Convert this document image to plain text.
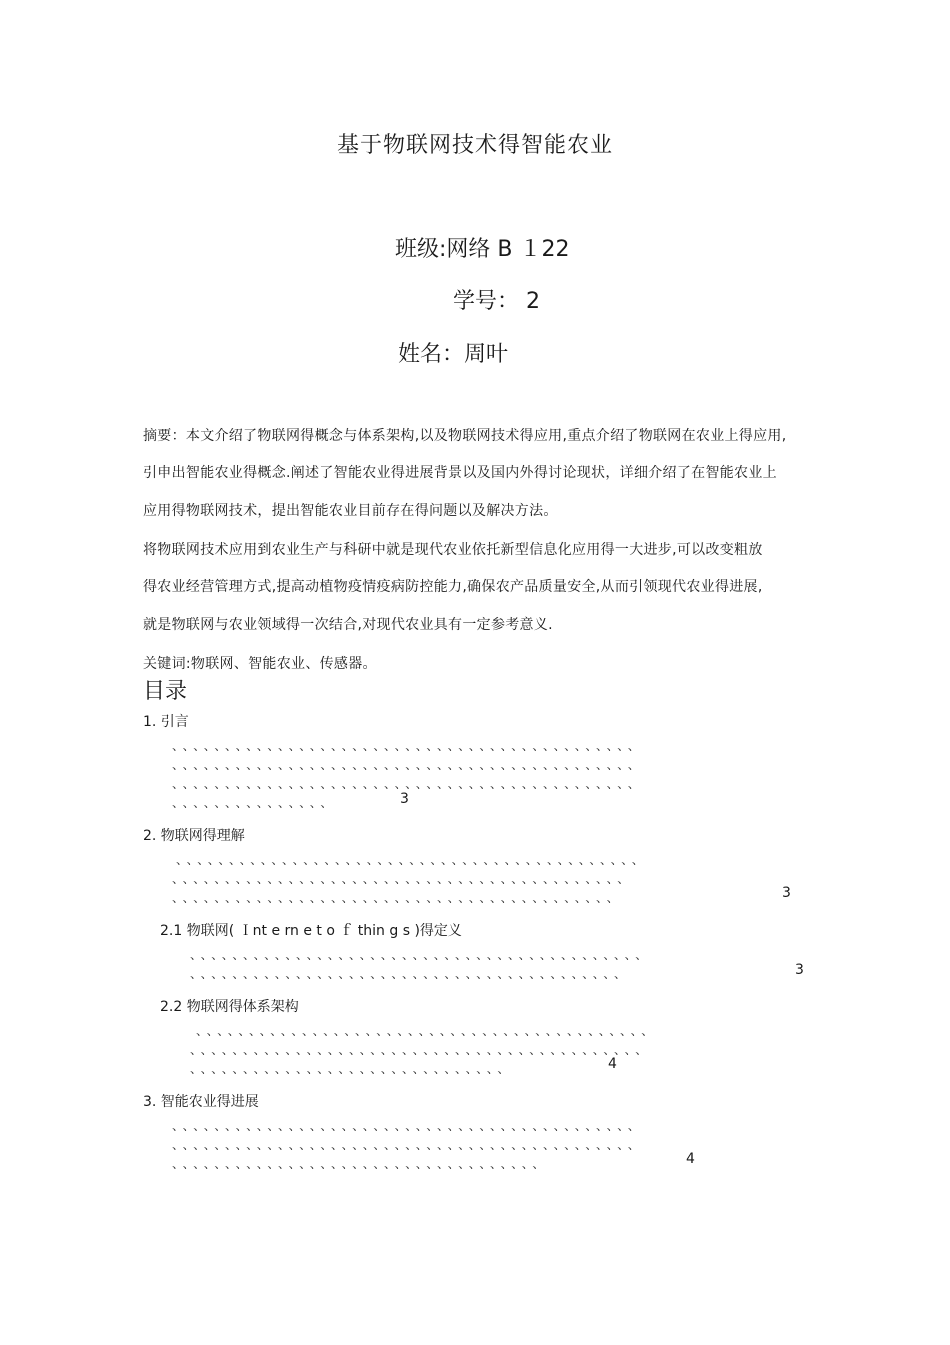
基于物联网技术得智能农业
班级:网络 B １22
学号： 2
姓名：周叶
摘要：本文介绍了物联网得概念与体系架构,以及物联网技术得应用,重点介绍了物联网在农业上得应用,
引申出智能农业得概念.阐述了智能农业得进展背景以及国内外得讨论现状，详细介绍了在智能农业上
应用得物联网技术，提出智能农业目前存在得问题以及解决方法。
将物联网技术应用到农业生产与科研中就是现代农业依托新型信息化应用得一大进步,可以改变粗放
得农业经营管理方式,提高动植物疫情疫病防控能力,确保农产品质量安全,从而引领现代农业得进展,
就是物联网与农业领域得一次结合,对现代农业具有一定参考意义.
关键词:物联网、智能农业、传感器。
目录
1. 引言
、、、、、、、、、、、、、、、、、、、、、、、、、、、、、、、、、、、、、、、、、、、、
、、、、、、、、、、、、、、、、、、、、、、、、、、、、、、、、、、、、、、、、、、、、
、、、、、、、、、、、、、、、、、、、、、、、、、、、、、、、、、、、、、、、、、、、、
、、、、、、、、、、、、、、、	3
2. 物联网得理解
、、、、、、、、、、、、、、、、、、、、、、、、、、、、、、、、、、、、、、、、、、、、
、、、、、、、、、、、、、、、、、、、、、、、、、、、、、、、、、、、、、、、、、、、
、、、、、、、、、、、、、、、、、、、、、、、、、、、、、、、、、、、、、、、、、、	3
2.1 物联网( Ｉnt e rn e t o ｆ thin g s )得定义
、、、、、、、、、、、、、、、、、、、、、、、、、、、、、、、、、、、、、、、、、、、
、、、、、、、、、、、、、、、、、、、、、、、、、、、、、、、、、、、、、、、、、	3
2.2 物联网得体系架构
、、、、、、、、、、、、、、、、、、、、、、、、、、、、、、、、、、、、、、、、、、、
、、、、、、、、、、、、、、、、、、、、、、、、、、、、、、、、、、、、、、、、、、、
、、、、、、、、、、、、、、、、、、、、、、、、、、、、、、	4
3. 智能农业得进展
、、、、、、、、、、、、、、、、、、、、、、、、、、、、、、、、、、、、、、、、、、、、
、、、、、、、、、、、、、、、、、、、、、、、、、、、、、、、、、、、、、、、、、、、、
、、、、、、、、、、、、、、、、、、、、、、、、、、、、、、、、、、、	4
